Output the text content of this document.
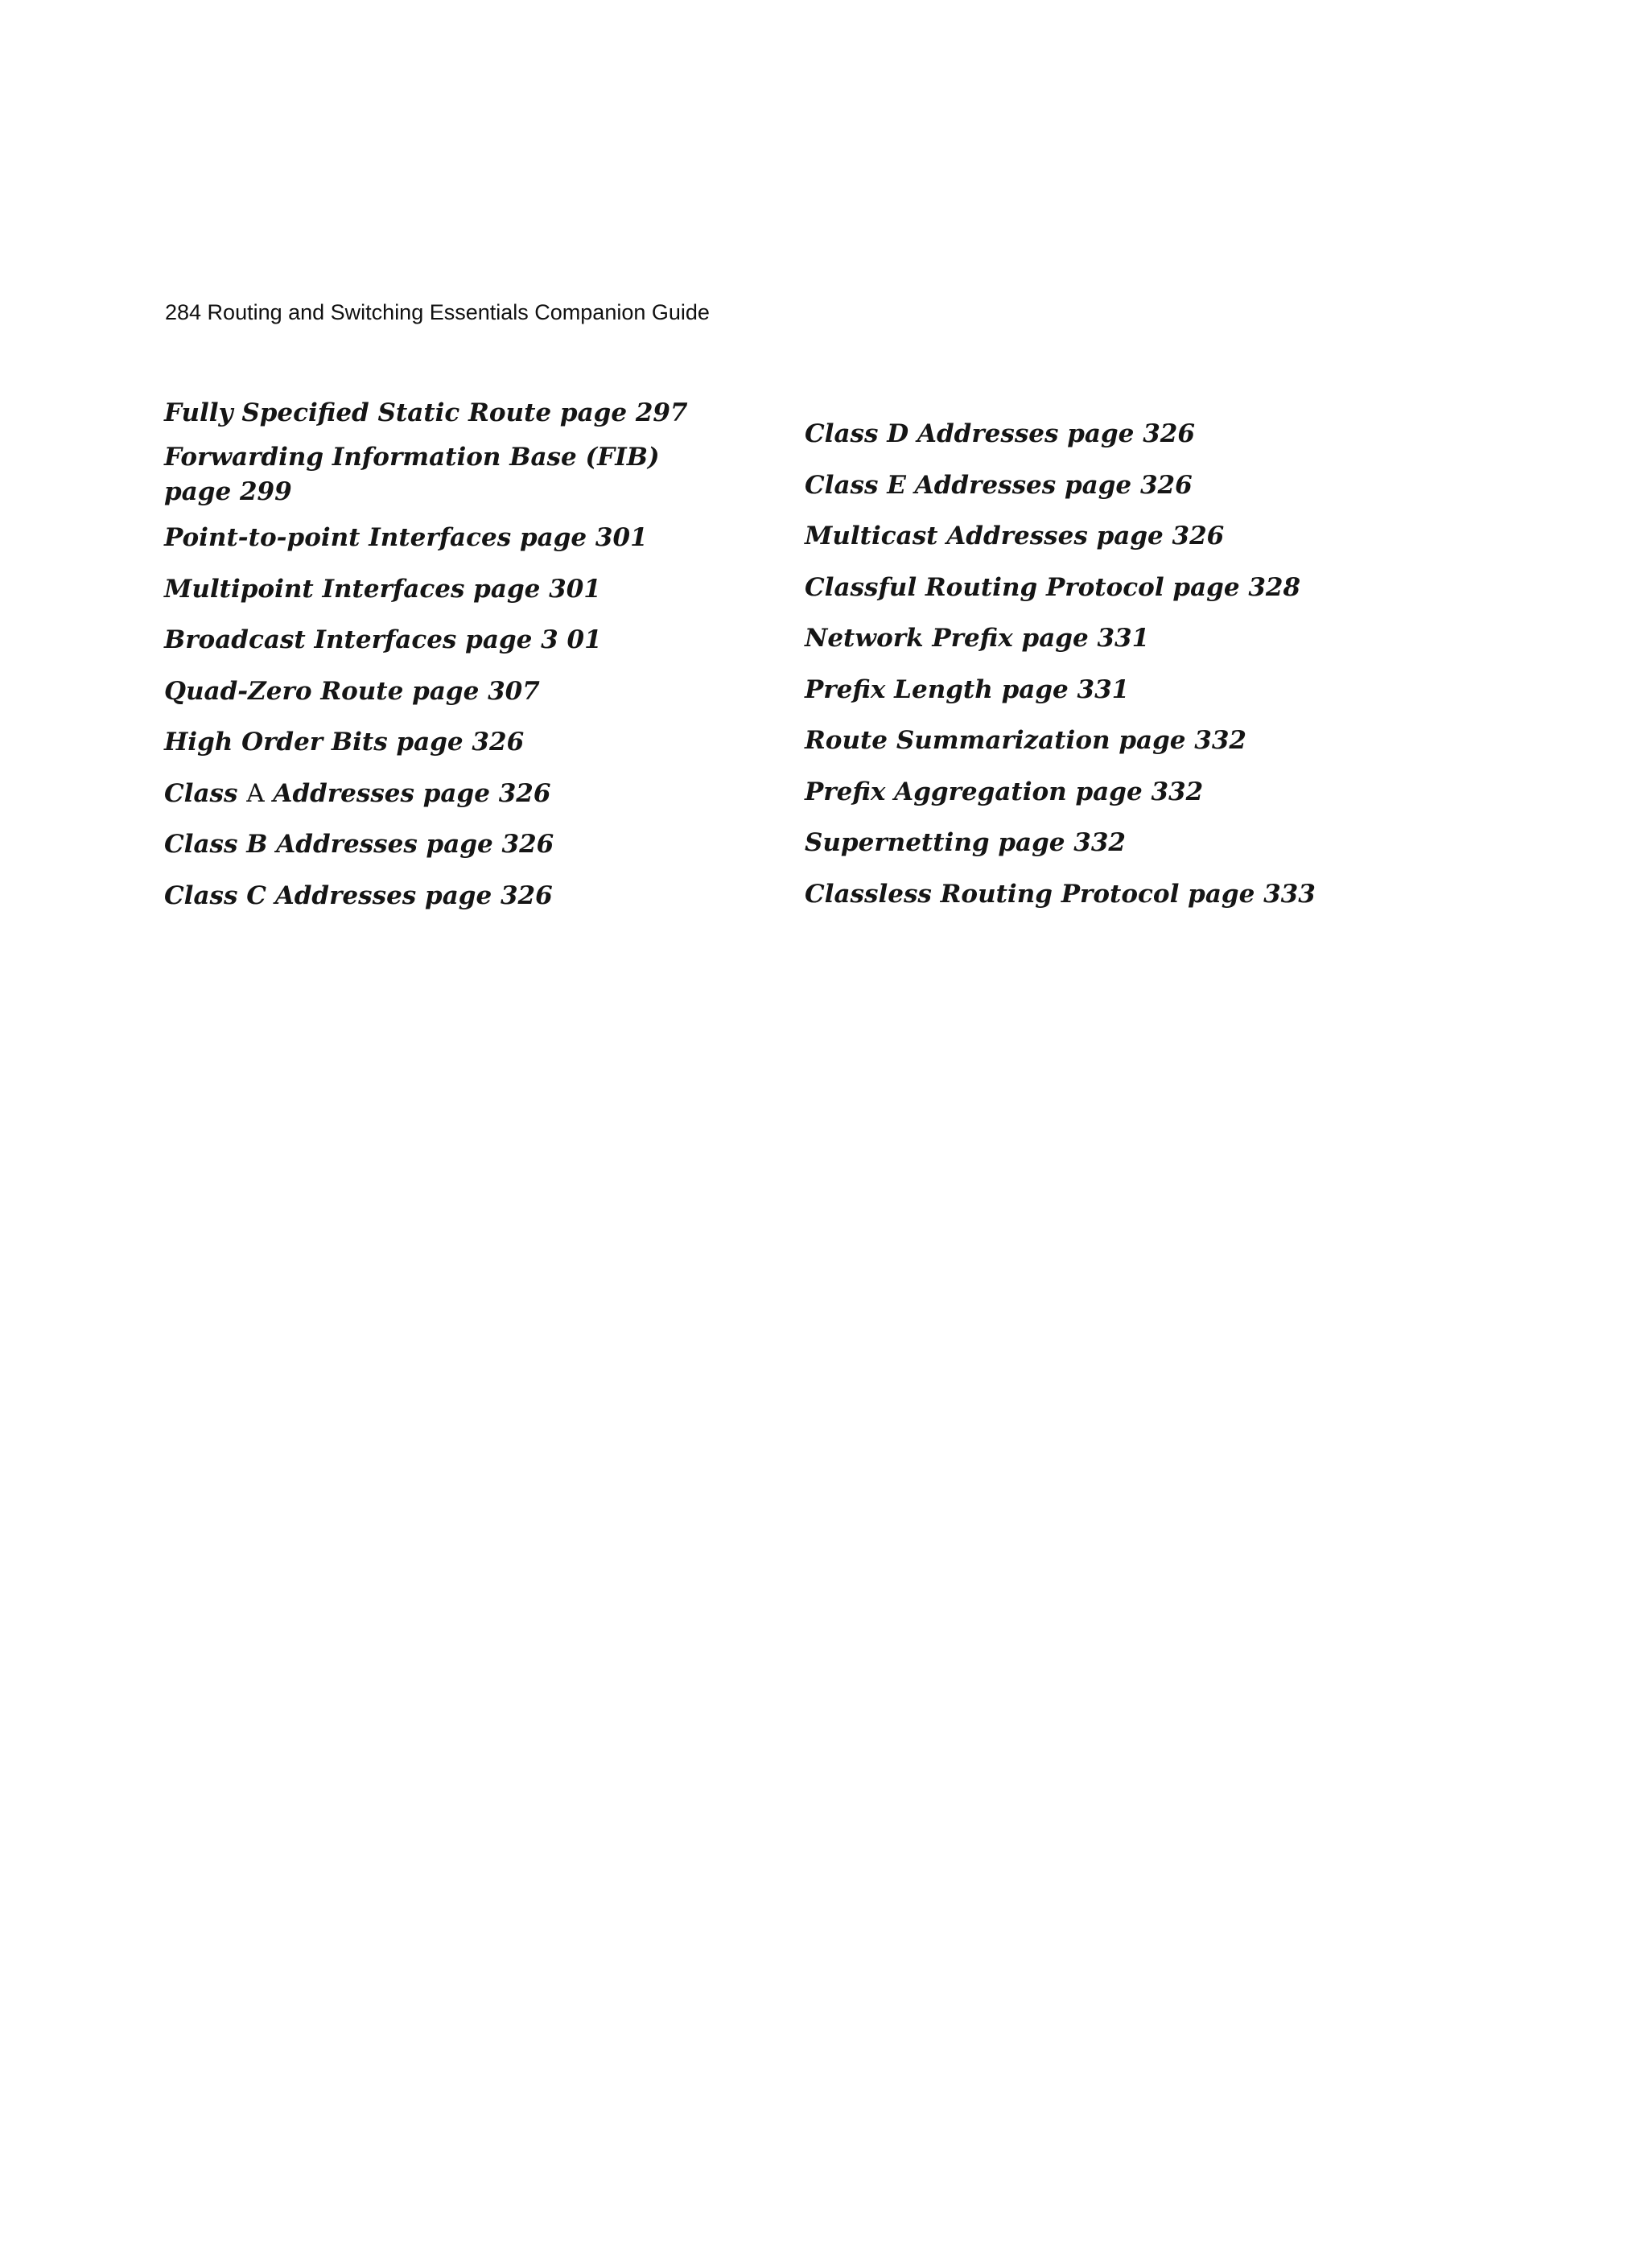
284 Routing and Switching Essentials Companion Guide
Fully Specified Static Route page 297
Forwarding Information Base (FIB) page 299
Point-to-point Interfaces page 301
Multipoint Interfaces page 301
Broadcast Interfaces page 3 01
Quad-Zero Route page 307
High Order Bits page 326
Class A Addresses page 326
Class B Addresses page 326
Class C Addresses page 326
Class D Addresses page 326
Class E Addresses page 326
Multicast Addresses page 326
Classful Routing Protocol page 328
Network Prefix page 331
Prefix Length page 331
Route Summarization page 332
Prefix Aggregation page 332
Supernetting page 332
Classless Routing Protocol page 333
